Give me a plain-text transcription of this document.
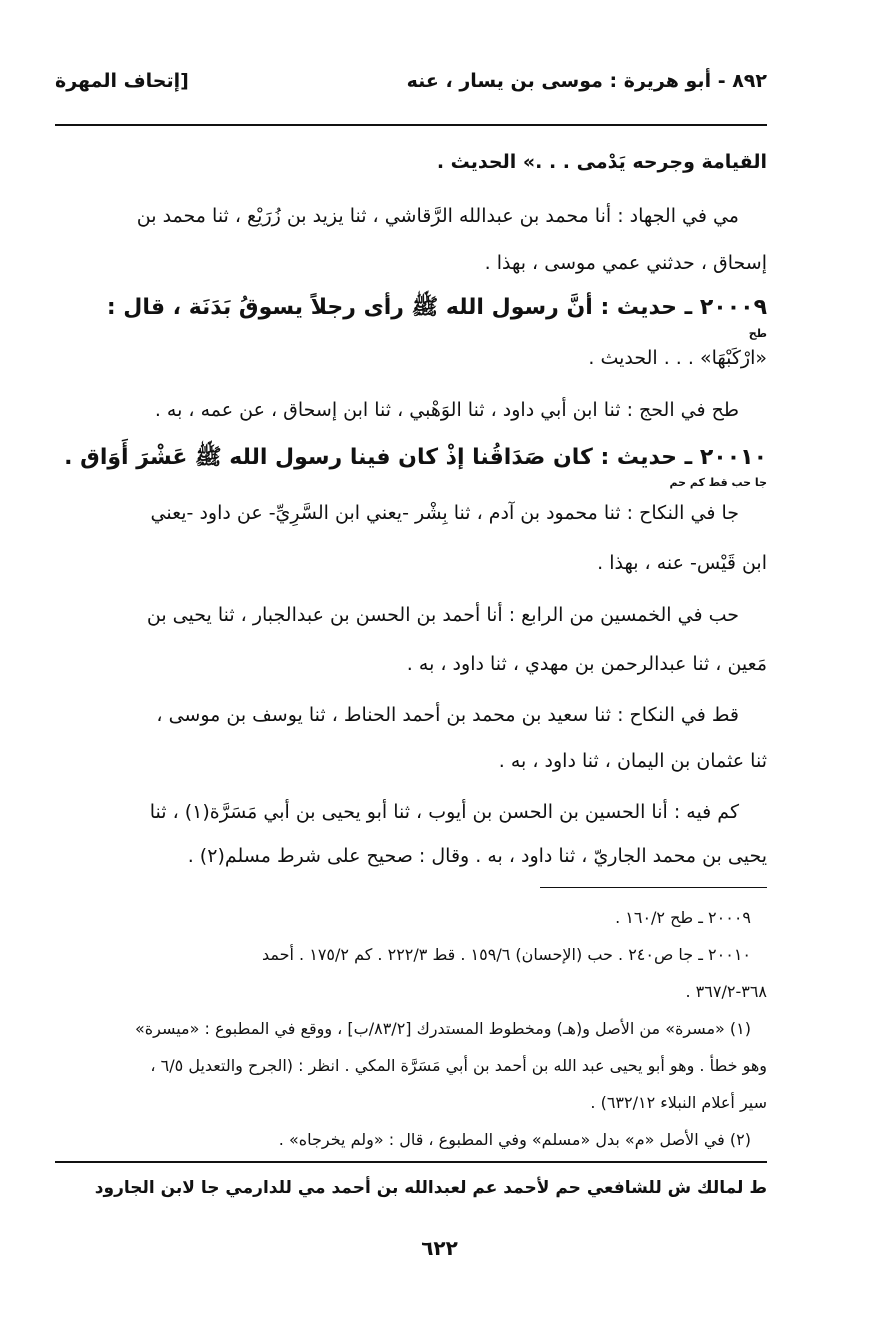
٨٩٢ - أبو هريرة : موسى بن يسار ، عنه
[إتحاف المهرة
القيامة وجرحه يَدْمى . . .» الحديث .
مي في الجهاد : أنا محمد بن عبدالله الرَّقاشي ، ثنا يزيد بن زُرَيْع ، ثنا محمد بن
إسحاق ، حدثني عمي موسى ، بهذا .
٢٠٠٠٩ ـ حديث : أنَّ رسول الله ﷺ رأى رجلاً يسوقُ بَدَنَة ، قال :
طح
«ارْكَبْهَا» . . . الحديث .
طح في الحج : ثنا ابن أبي داود ، ثنا الوَهْبي ، ثنا ابن إسحاق ، عن عمه ، به .
٢٠٠١٠ ـ حديث : كان صَدَاقُنا إذْ كان فينا رسول الله ﷺ عَشْرَ أَوَاق .
جا حب قط كم حم
جا في النكاح : ثنا محمود بن آدم ، ثنا بِشْر -يعني ابن السَّرِيِّ- عن داود -يعني
ابن قَيْس- عنه ، بهذا .
حب في الخمسين من الرابع : أنا أحمد بن الحسن بن عبدالجبار ، ثنا يحيى بن
مَعين ، ثنا عبدالرحمن بن مهدي ، ثنا داود ، به .
قط في النكاح : ثنا سعيد بن محمد بن أحمد الحناط ، ثنا يوسف بن موسى ،
ثنا عثمان بن اليمان ، ثنا داود ، به .
كم فيه : أنا الحسين بن الحسن بن أيوب ، ثنا أبو يحيى بن أبي مَسَرَّة(١) ، ثنا
يحيى بن محمد الجاريّ ، ثنا داود ، به . وقال : صحيح على شرط مسلم(٢) .
٢٠٠٠٩ ـ طح ١٦٠/٢ .
٢٠٠١٠ ـ جا ص٢٤٠ . حب (الإحسان) ١٥٩/٦ . قط ٢٢٢/٣ . كم ١٧٥/٢ . أحمد
٣٦٨-٣٦٧/٢ .
(١) «مسرة» من الأصل و(هـ) ومخطوط المستدرك [٨٣/٢/ب] ، ووقع في المطبوع : «ميسرة»
وهو خطأ . وهو أبو يحيى عبد الله بن أحمد بن أبي مَسَرَّة المكي . انظر : (الجرح والتعديل ٦/٥ ،
سير أعلام النبلاء ٦٣٢/١٢) .
(٢) في الأصل «م» بدل «مسلم» وفي المطبوع ، قال : «ولم يخرجاه» .
ط لمالك ش للشافعي حم لأحمد عم لعبدالله بن أحمد مي للدارمي جا لابن الجارود
٦٢٢
